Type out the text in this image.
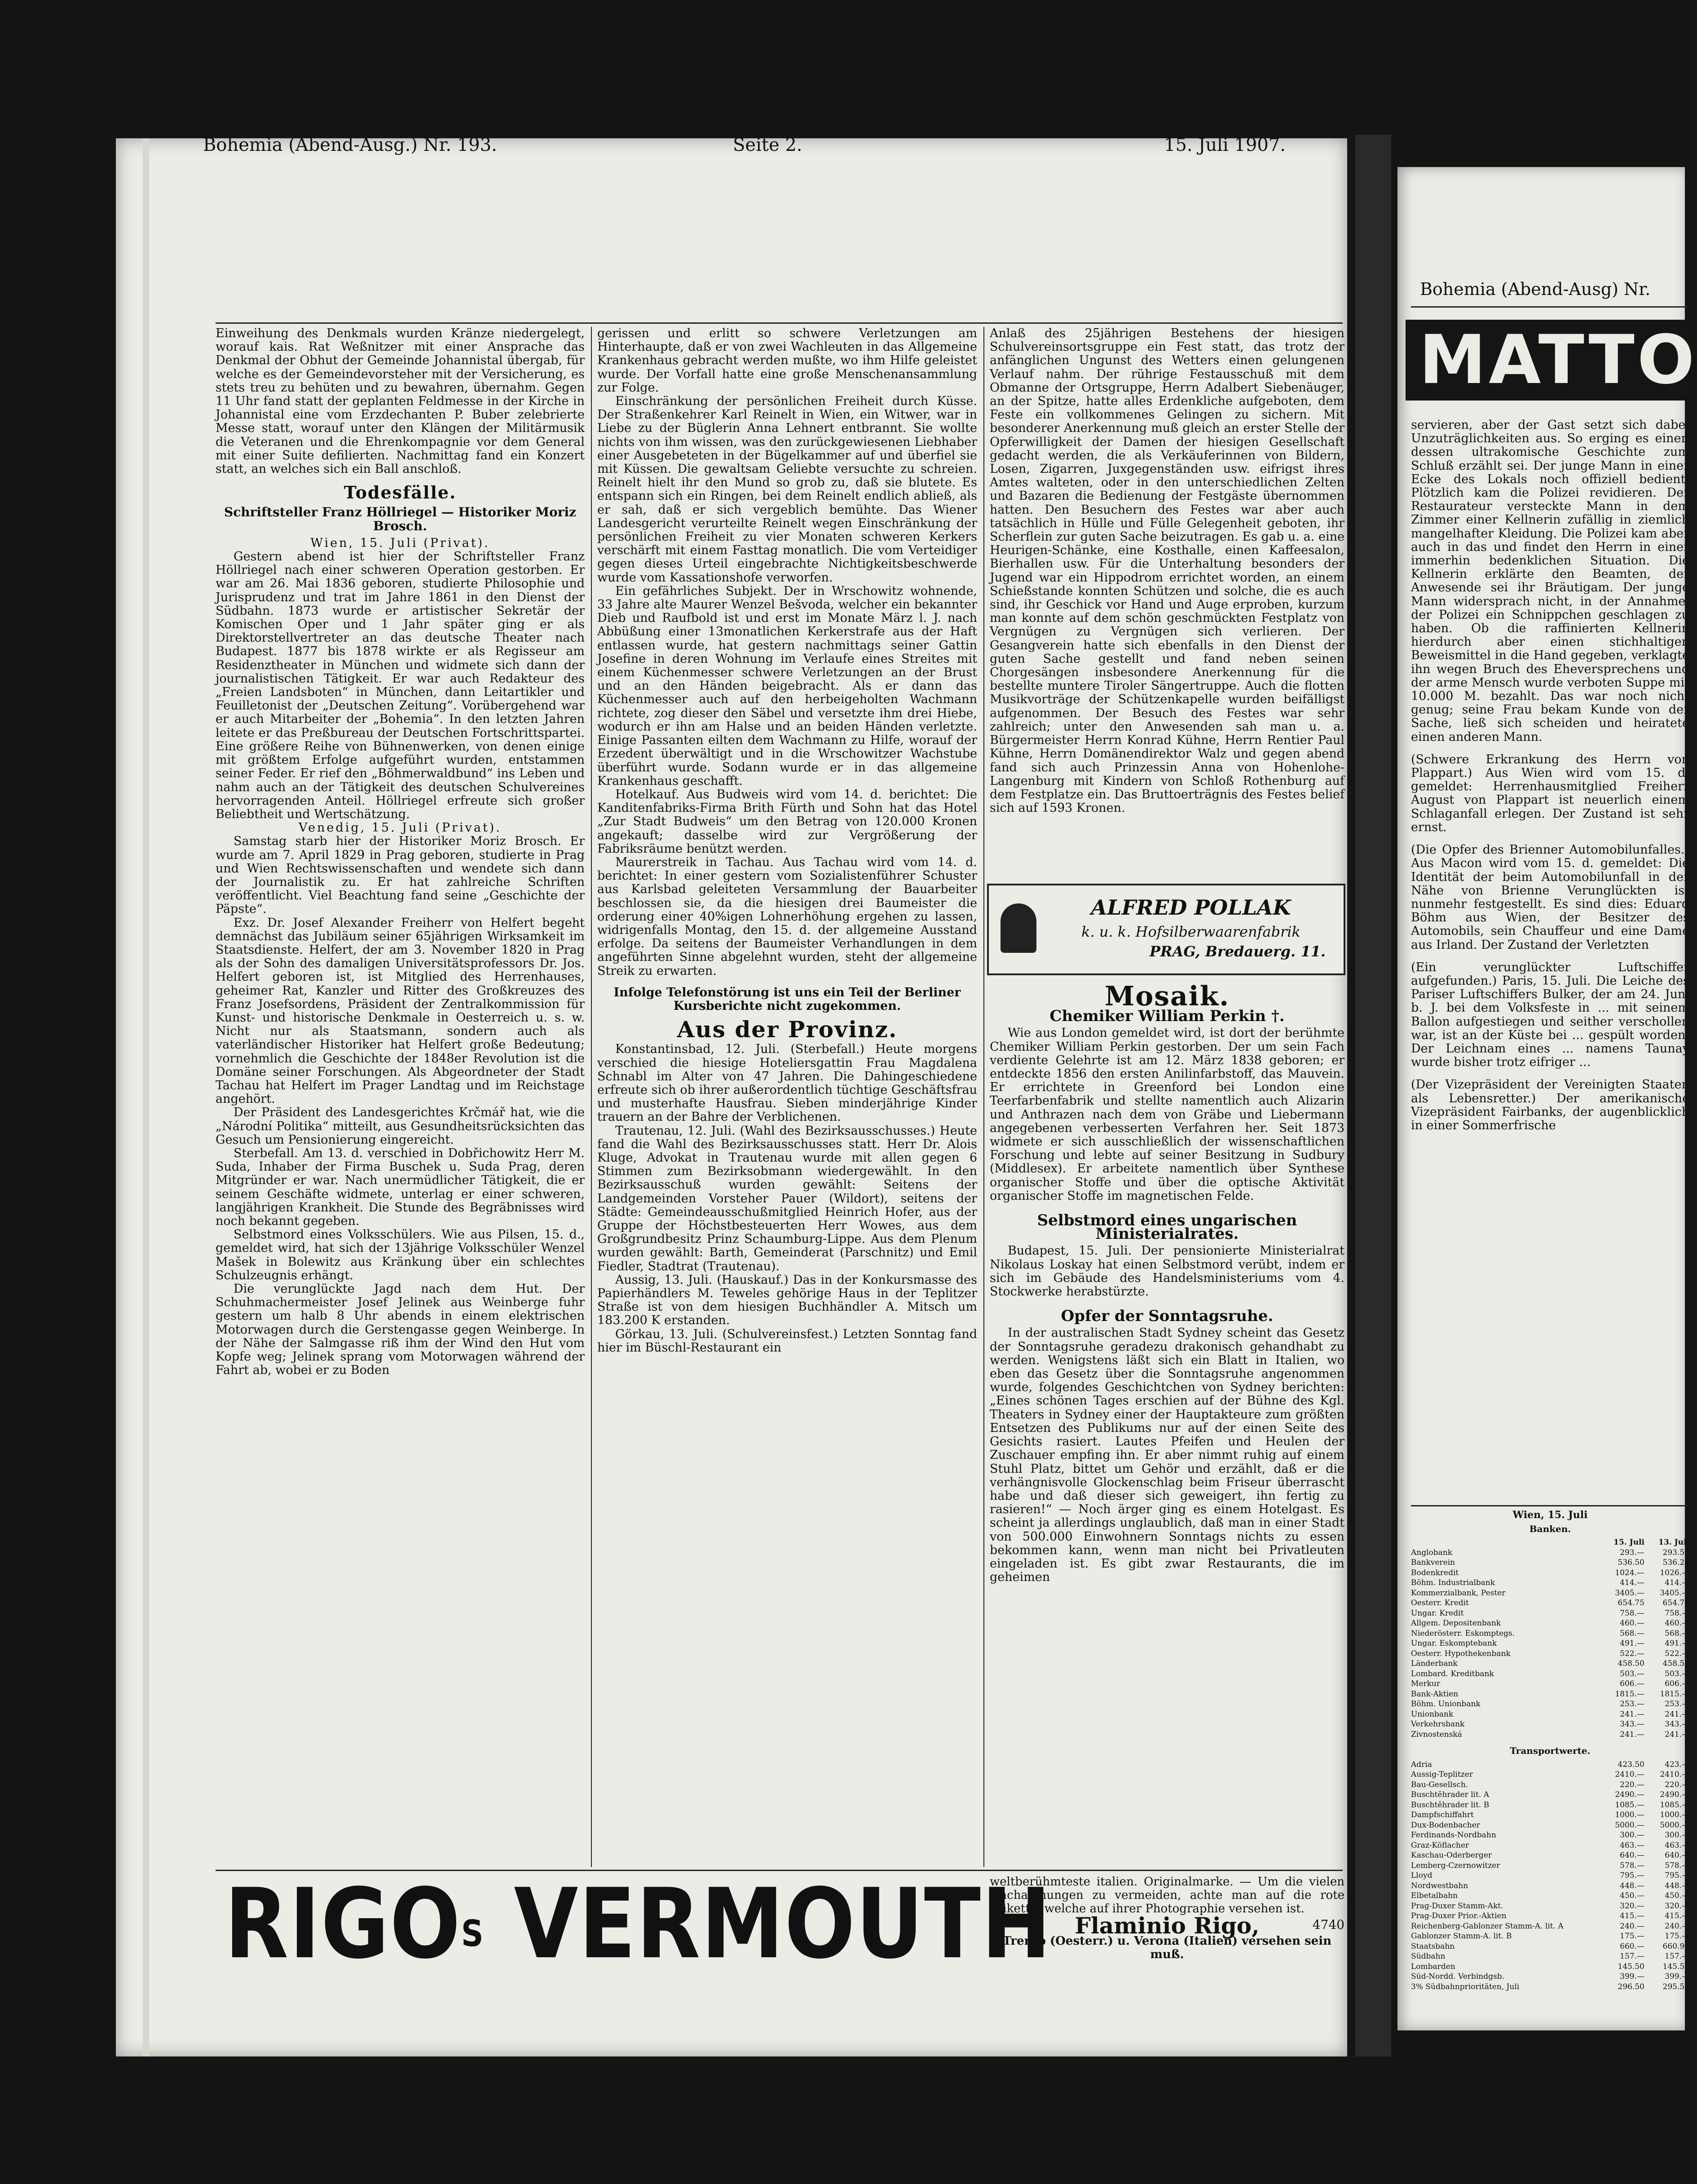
Bohemia (Abend-Ausg.) Nr. 193.	Seite 2.	15. Juli 1907.

Einweihung des Denkmals wurden Kränze niedergelegt, worauf kais. Rat Weßnitzer mit einer Ansprache das Denkmal der Obhut der Gemeinde Johannistal übergab, für welche es der Gemeindevorsteher mit der Versicherung, es stets treu zu behüten und zu bewahren, übernahm. Gegen 11 Uhr fand statt der geplanten Feldmesse in der Kirche in Johannistal eine vom Erzdechanten P. Buber zelebrierte Messe statt, worauf unter den Klängen der Militärmusik die Veteranen und die Ehrenkompagnie vor dem General mit einer Suite defilierten. Nachmittag fand ein Konzert statt, an welches sich ein Ball anschloß.

Todesfälle.
Schriftsteller Franz Höllriegel — Historiker Moriz Brosch.

Wien, 15. Juli (Privat).

Gestern abend ist hier der Schriftsteller Franz Höllriegel nach einer schweren Operation gestorben. Er war am 26. Mai 1836 geboren, studierte Philosophie und Jurisprudenz und trat im Jahre 1861 in den Dienst der Südbahn. 1873 wurde er artistischer Sekretär der Komischen Oper und 1 Jahr später ging er als Direktorstellvertreter an das deutsche Theater nach Budapest. 1877 bis 1878 wirkte er als Regisseur am Residenztheater in München und widmete sich dann der journalistischen Tätigkeit. Er war auch Redakteur des „Freien Landsboten“ in München, dann Leitartikler und Feuilletonist der „Deutschen Zeitung“. Vorübergehend war er auch Mitarbeiter der „Bohemia“. In den letzten Jahren leitete er das Preßbureau der Deutschen Fortschrittspartei. Eine größere Reihe von Bühnenwerken, von denen einige mit größtem Erfolge aufgeführt wurden, entstammen seiner Feder. Er rief den „Böhmerwaldbund“ ins Leben und nahm auch an der Tätigkeit des deutschen Schulvereines hervorragenden Anteil. Höllriegel erfreute sich großer Beliebtheit und Wertschätzung.

Venedig, 15. Juli (Privat).

Samstag starb hier der Historiker Moriz Brosch. Er wurde am 7. April 1829 in Prag geboren, studierte in Prag und Wien Rechtswissenschaften und wendete sich dann der Journalistik zu. Er hat zahlreiche Schriften veröffentlicht. Viel Beachtung fand seine „Geschichte der Päpste“.

Exz. Dr. Josef Alexander Freiherr von Helfert begeht demnächst das Jubiläum seiner 65jährigen Wirksamkeit im Staatsdienste. Helfert, der am 3. November 1820 in Prag als der Sohn des damaligen Universitätsprofessors Dr. Jos. Helfert geboren ist, ist Mitglied des Herrenhauses, geheimer Rat, Kanzler und Ritter des Großkreuzes des Franz Josefsordens, Präsident der Zentralkommission für Kunst- und historische Denkmale in Oesterreich u. s. w. Nicht nur als Staatsmann, sondern auch als vaterländischer Historiker hat Helfert große Bedeutung; vornehmlich die Geschichte der 1848er Revolution ist die Domäne seiner Forschungen. Als Abgeordneter der Stadt Tachau hat Helfert im Prager Landtag und im Reichstage angehört.

Der Präsident des Landesgerichtes Krčmář hat, wie die „Národní Politika“ mitteilt, aus Gesundheitsrücksichten das Gesuch um Pensionierung eingereicht.

Sterbefall. Am 13. d. verschied in Dobřichowitz Herr M. Suda, Inhaber der Firma Buschek u. Suda Prag, deren Mitgründer er war. Nach unermüdlicher Tätigkeit, die er seinem Geschäfte widmete, unterlag er einer schweren, langjährigen Krankheit. Die Stunde des Begräbnisses wird noch bekannt gegeben.

Selbstmord eines Volksschülers. Wie aus Pilsen, 15. d., gemeldet wird, hat sich der 13jährige Volksschüler Wenzel Mašek in Bolewitz aus Kränkung über ein schlechtes Schulzeugnis erhängt.

Die verunglückte Jagd nach dem Hut. Der Schuhmachermeister Josef Jelinek aus Weinberge fuhr gestern um halb 8 Uhr abends in einem elektrischen Motorwagen durch die Gerstengasse gegen Weinberge. In der Nähe der Salmgasse riß ihm der Wind den Hut vom Kopfe weg; Jelinek sprang vom Motorwagen während der Fahrt ab, wobei er zu Boden

gerissen und erlitt so schwere Verletzungen am Hinterhaupte, daß er von zwei Wachleuten in das Allgemeine Krankenhaus gebracht werden mußte, wo ihm Hilfe geleistet wurde. Der Vorfall hatte eine große Menschenansammlung zur Folge.

Einschränkung der persönlichen Freiheit durch Küsse. Der Straßenkehrer Karl Reinelt in Wien, ein Witwer, war in Liebe zu der Büglerin Anna Lehnert entbrannt. Sie wollte nichts von ihm wissen, was den zurückgewiesenen Liebhaber einer Ausgebeteten in der Bügelkammer auf und überfiel sie mit Küssen. Die gewaltsam Geliebte versuchte zu schreien. Reinelt hielt ihr den Mund so grob zu, daß sie blutete. Es entspann sich ein Ringen, bei dem Reinelt endlich abließ, als er sah, daß er sich vergeblich bemühte. Das Wiener Landesgericht verurteilte Reinelt wegen Einschränkung der persönlichen Freiheit zu vier Monaten schweren Kerkers verschärft mit einem Fasttag monatlich. Die vom Verteidiger gegen dieses Urteil eingebrachte Nichtigkeitsbeschwerde wurde vom Kassationshofe verworfen.

Ein gefährliches Subjekt. Der in Wrschowitz wohnende, 33 Jahre alte Maurer Wenzel Bešvoda, welcher ein bekannter Dieb und Raufbold ist und erst im Monate März l. J. nach Abbüßung einer 13monatlichen Kerkerstrafe aus der Haft entlassen wurde, hat gestern nachmittags seiner Gattin Josefine in deren Wohnung im Verlaufe eines Streites mit einem Küchenmesser schwere Verletzungen an der Brust und an den Händen beigebracht. Als er dann das Küchenmesser auch auf den herbeigeholten Wachmann richtete, zog dieser den Säbel und versetzte ihm drei Hiebe, wodurch er ihn am Halse und an beiden Händen verletzte. Einige Passanten eilten dem Wachmann zu Hilfe, worauf der Erzedent überwältigt und in die Wrschowitzer Wachstube überführt wurde. Sodann wurde er in das allgemeine Krankenhaus geschafft.

Hotelkauf. Aus Budweis wird vom 14. d. berichtet: Die Kanditenfabriks-Firma Brith Fürth und Sohn hat das Hotel „Zur Stadt Budweis“ um den Betrag von 120.000 Kronen angekauft; dasselbe wird zur Vergrößerung der Fabriksräume benützt werden.

Maurerstreik in Tachau. Aus Tachau wird vom 14. d. berichtet: In einer gestern vom Sozialistenführer Schuster aus Karlsbad geleiteten Versammlung der Bauarbeiter beschlossen sie, da die hiesigen drei Baumeister die orderung einer 40%igen Lohnerhöhung ergehen zu lassen, widrigenfalls Montag, den 15. d. der allgemeine Ausstand erfolge. Da seitens der Baumeister Verhandlungen in dem angeführten Sinne abgelehnt wurden, steht der allgemeine Streik zu erwarten.

Infolge Telefonstörung ist uns ein Teil der Berliner Kursberichte nicht zugekommen.

Aus der Provinz.

Konstantinsbad, 12. Juli. (Sterbefall.) Heute morgens verschied die hiesige Hoteliersgattin Frau Magdalena Schnabl im Alter von 47 Jahren. Die Dahingeschiedene erfreute sich ob ihrer außerordentlich tüchtige Geschäftsfrau und musterhafte Hausfrau. Sieben minderjährige Kinder trauern an der Bahre der Verblichenen.

Trautenau, 12. Juli. (Wahl des Bezirksausschusses.) Heute fand die Wahl des Bezirksausschusses statt. Herr Dr. Alois Kluge, Advokat in Trautenau wurde mit allen gegen 6 Stimmen zum Bezirksobmann wiedergewählt. In den Bezirksausschuß wurden gewählt: Seitens der Landgemeinden Vorsteher Pauer (Wildort), seitens der Städte: Gemeindeausschußmitglied Heinrich Hofer, aus der Gruppe der Höchstbesteuerten Herr Wowes, aus dem Großgrundbesitz Prinz Schaumburg-Lippe. Aus dem Plenum wurden gewählt: Barth, Gemeinderat (Parschnitz) und Emil Fiedler, Stadtrat (Trautenau).

Aussig, 13. Juli. (Hauskauf.) Das in der Konkursmasse des Papierhändlers M. Teweles gehörige Haus in der Teplitzer Straße ist von dem hiesigen Buchhändler A. Mitsch um 183.200 K erstanden.

Görkau, 13. Juli. (Schulvereinsfest.) Letzten Sonntag fand hier im Büschl-Restaurant ein

Anlaß des 25jährigen Bestehens der hiesigen Schulvereinsortsgruppe ein Fest statt, das trotz der anfänglichen Ungunst des Wetters einen gelungenen Verlauf nahm. Der rührige Festausschuß mit dem Obmanne der Ortsgruppe, Herrn Adalbert Siebenäuger, an der Spitze, hatte alles Erdenkliche aufgeboten, dem Feste ein vollkommenes Gelingen zu sichern. Mit besonderer Anerkennung muß gleich an erster Stelle der Opferwilligkeit der Damen der hiesigen Gesellschaft gedacht werden, die als Verkäuferinnen von Bildern, Losen, Zigarren, Juxgegenständen usw. eifrigst ihres Amtes walteten, oder in den unterschiedlichen Zelten und Bazaren die Bedienung der Festgäste übernommen hatten. Den Besuchern des Festes war aber auch tatsächlich in Hülle und Fülle Gelegenheit geboten, ihr Scherflein zur guten Sache beizutragen. Es gab u. a. eine Heurigen-Schänke, eine Kosthalle, einen Kaffeesalon, Bierhallen usw. Für die Unterhaltung besonders der Jugend war ein Hippodrom errichtet worden, an einem Schießstande konnten Schützen und solche, die es auch sind, ihr Geschick vor Hand und Auge erproben, kurzum man konnte auf dem schön geschmückten Festplatz von Vergnügen zu Vergnügen sich verlieren. Der Gesangverein hatte sich ebenfalls in den Dienst der guten Sache gestellt und fand neben seinen Chorgesängen insbesondere Anerkennung für die bestellte muntere Tiroler Sängertruppe. Auch die flotten Musikvorträge der Schützenkapelle wurden beifälligst aufgenommen. Der Besuch des Festes war sehr zahlreich; unter den Anwesenden sah man u. a. Bürgermeister Herrn Konrad Kühne, Herrn Rentier Paul Kühne, Herrn Domänendirektor Walz und gegen abend fand sich auch Prinzessin Anna von Hohenlohe-Langenburg mit Kindern von Schloß Rothenburg auf dem Festplatze ein. Das Bruttoerträgnis des Festes belief sich auf 1593 Kronen.

ALFRED POLLAK
k. u. k. Hofsilberwaarenfabrik
PRAG, Bredauerg. 11.
Mosaik.
Chemiker William Perkin †.

Wie aus London gemeldet wird, ist dort der berühmte Chemiker William Perkin gestorben. Der um sein Fach verdiente Gelehrte ist am 12. März 1838 geboren; er entdeckte 1856 den ersten Anilinfarbstoff, das Mauvein. Er errichtete in Greenford bei London eine Teerfarbenfabrik und stellte namentlich auch Alizarin und Anthrazen nach dem von Gräbe und Liebermann angegebenen verbesserten Verfahren her. Seit 1873 widmete er sich ausschließlich der wissenschaftlichen Forschung und lebte auf seiner Besitzung in Sudbury (Middlesex). Er arbeitete namentlich über Synthese organischer Stoffe und über die optische Aktivität organischer Stoffe im magnetischen Felde.

Selbstmord eines ungarischen Ministerialrates.

Budapest, 15. Juli. Der pensionierte Ministerialrat Nikolaus Loskay hat einen Selbstmord verübt, indem er sich im Gebäude des Handelsministeriums vom 4. Stockwerke herabstürzte.

Opfer der Sonntagsruhe.

In der australischen Stadt Sydney scheint das Gesetz der Sonntagsruhe geradezu drakonisch gehandhabt zu werden. Wenigstens läßt sich ein Blatt in Italien, wo eben das Gesetz über die Sonntagsruhe angenommen wurde, folgendes Geschichtchen von Sydney berichten: „Eines schönen Tages erschien auf der Bühne des Kgl. Theaters in Sydney einer der Hauptakteure zum größten Entsetzen des Publikums nur auf der einen Seite des Gesichts rasiert. Lautes Pfeifen und Heulen der Zuschauer empfing ihn. Er aber nimmt ruhig auf einem Stuhl Platz, bittet um Gehör und erzählt, daß er die verhängnisvolle Glockenschlag beim Friseur überrascht habe und daß dieser sich geweigert, ihn fertig zu rasieren!“ — Noch ärger ging es einem Hotelgast. Es scheint ja allerdings unglaublich, daß man in einer Stadt von 500.000 Einwohnern Sonntags nichts zu essen bekommen kann, wenn man nicht bei Privatleuten eingeladen ist. Es gibt zwar Restaurants, die im geheimen

$RIGO^S$ VERMOUTH
weltberühmteste italien. Originalmarke. — Um die vielen Nachahmungen zu vermeiden, achte man auf die rote Etikette, welche auf ihrer Photographie versehen ist.
Flaminio Rigo,	4740
Trento (Oesterr.) u. Verona (Italien) versehen sein muß.
Bohemia (Abend-Ausg) Nr.
MATTO

servieren, aber der Gast setzt sich dabei Unzuträglichkeiten aus. So erging es einer, dessen ultrakomische Geschichte zum Schluß erzählt sei. Der junge Mann in einer Ecke des Lokals noch offiziell bedient. Plötzlich kam die Polizei revidieren. Der Restaurateur versteckte Mann in dem Zimmer einer Kellnerin zufällig in ziemlich mangelhafter Kleidung. Die Polizei kam aber auch in das und findet den Herrn in einer immerhin bedenklichen Situation. Die Kellnerin erklärte den Beamten, der Anwesende sei ihr Bräutigam. Der junge Mann widersprach nicht, in der Annahme, der Polizei ein Schnippchen geschlagen zu haben. Ob die raffinierten Kellnerin hierdurch aber einen stichhaltigen Beweismittel in die Hand gegeben, verklagte ihn wegen Bruch des Eheversprechens und der arme Mensch wurde verboten Suppe mit 10.000 M. bezahlt. Das war noch nicht genug; seine Frau bekam Kunde von der Sache, ließ sich scheiden und heiratete einen anderen Mann.

(Schwere Erkrankung des Herrn von Plappart.) Aus Wien wird vom 15. d. gemeldet: Herrenhausmitglied Freiherr August von Plappart ist neuerlich einem Schlaganfall erlegen. Der Zustand ist sehr ernst.

(Die Opfer des Brienner Automobilunfalles.) Aus Macon wird vom 15. d. gemeldet: Die Identität der beim Automobilunfall in der Nähe von Brienne Verunglückten ist nunmehr festgestellt. Es sind dies: Eduard Böhm aus Wien, der Besitzer des Automobils, sein Chauffeur und eine Dame aus Irland. Der Zustand der Verletzten

(Ein verunglückter Luftschiffer aufgefunden.) Paris, 15. Juli. Die Leiche des Pariser Luftschiffers Bulker, der am 24. Juni b. J. bei dem Volksfeste in ... mit seinem Ballon aufgestiegen und seither verschollen war, ist an der Küste bei ... gespült worden. Der Leichnam eines ... namens Taunay wurde bisher trotz eifriger ...

(Der Vizepräsident der Vereinigten Staaten als Lebensretter.) Der amerikanische Vizepräsident Fairbanks, der augenblicklich in einer Sommerfrische

Wien, 15. Juli
Banken.
15. Juli	13. Juli
Anglobank	293.—	293.50
Bankverein	536.50	536.25
Bodenkredit	1024.—	1026.—
Böhm. Industrialbank	414.—	414.—
Kommerzialbank, Pester	3405.—	3405.—
Oesterr. Kredit	654.75	654.75
Ungar. Kredit	758.—	758.—
Allgem. Depositenbank	460.—	460.—
Niederösterr. Eskomptegs.	568.—	568.—
Ungar. Eskomptebank	491.—	491.—
Oesterr. Hypothekenbank	522.—	522.—
Länderbank	458.50	458.50
Lombard. Kreditbank	503.—	503.—
Merkur	606.—	606.—
Bank-Aktien	1815.—	1815.—
Böhm. Unionbank	253.—	253.—
Unionbank	241.—	241.—
Verkehrsbank	343.—	343.—
Zivnostenská	241.—	241.—
Transportwerte.
Adria	423.50	423.—
Aussig-Teplitzer	2410.—	2410.—
Bau-Gesellsch.	220.—	220.—
Buschtěhrader lit. A	2490.—	2490.—
Buschtěhrader lit. B	1085.—	1085.—
Dampfschiffahrt	1000.—	1000.—
Dux-Bodenbacher	5000.—	5000.—
Ferdinands-Nordbahn	300.—	300.—
Graz-Köflacher	463.—	463.—
Kaschau-Oderberger	640.—	640.—
Lemberg-Czernowitzer	578.—	578.—
Lloyd	795.—	795.—
Nordwestbahn	448.—	448.—
Elbetalbahn	450.—	450.—
Prag-Duxer Stamm-Akt.	320.—	320.—
Prag-Duxer Prior.-Aktien	415.—	415.—
Reichenberg-Gablonzer Stamm-A. lit. A	240.—	240.—
Gablonzer Stamm-A. lit. B	175.—	175.—
Staatsbahn	660.—	660.90
Südbahn	157.—	157.—
Lombarden	145.50	145.50
Süd-Nordd. Verbindgsb.	399.—	399.—
3% Südbahnprioritäten, Juli	296.50	295.50
